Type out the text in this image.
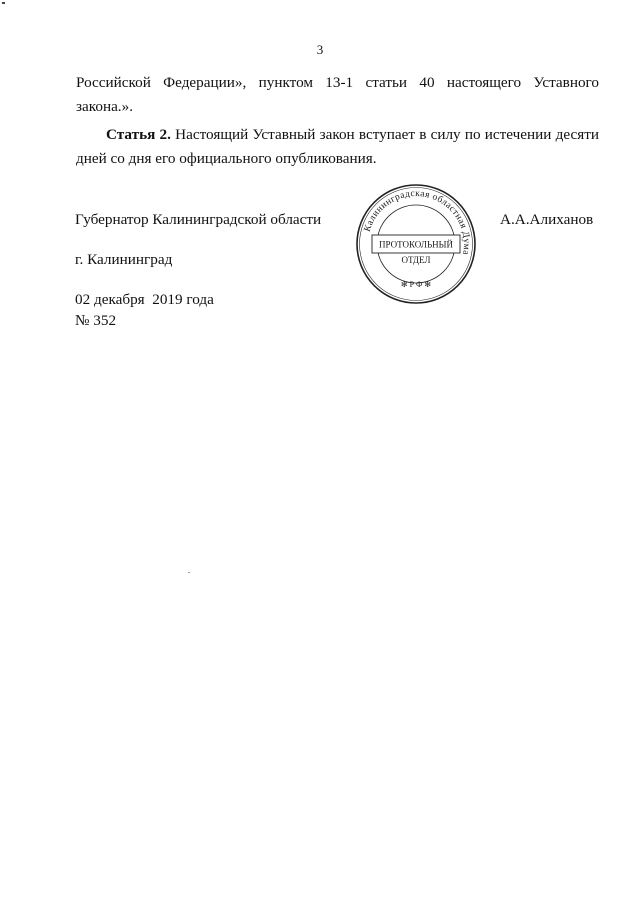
3

Российской Федерации», пунктом 13-1 статьи 40 настоящего Уставного
закона.».

Статья 2. Настоящий Уставный закон вступает в силу по истечении десяти
дней со дня его официального опубликования.

Губернатор Калининградской области	А.А.Алиханов
Калининградская областная Дума
ПРОТОКОЛЬНЫЙ
ОТДЕЛ
✻ Р Ф ✻
г. Калининград
02 декабря  2019 года
№ 352
